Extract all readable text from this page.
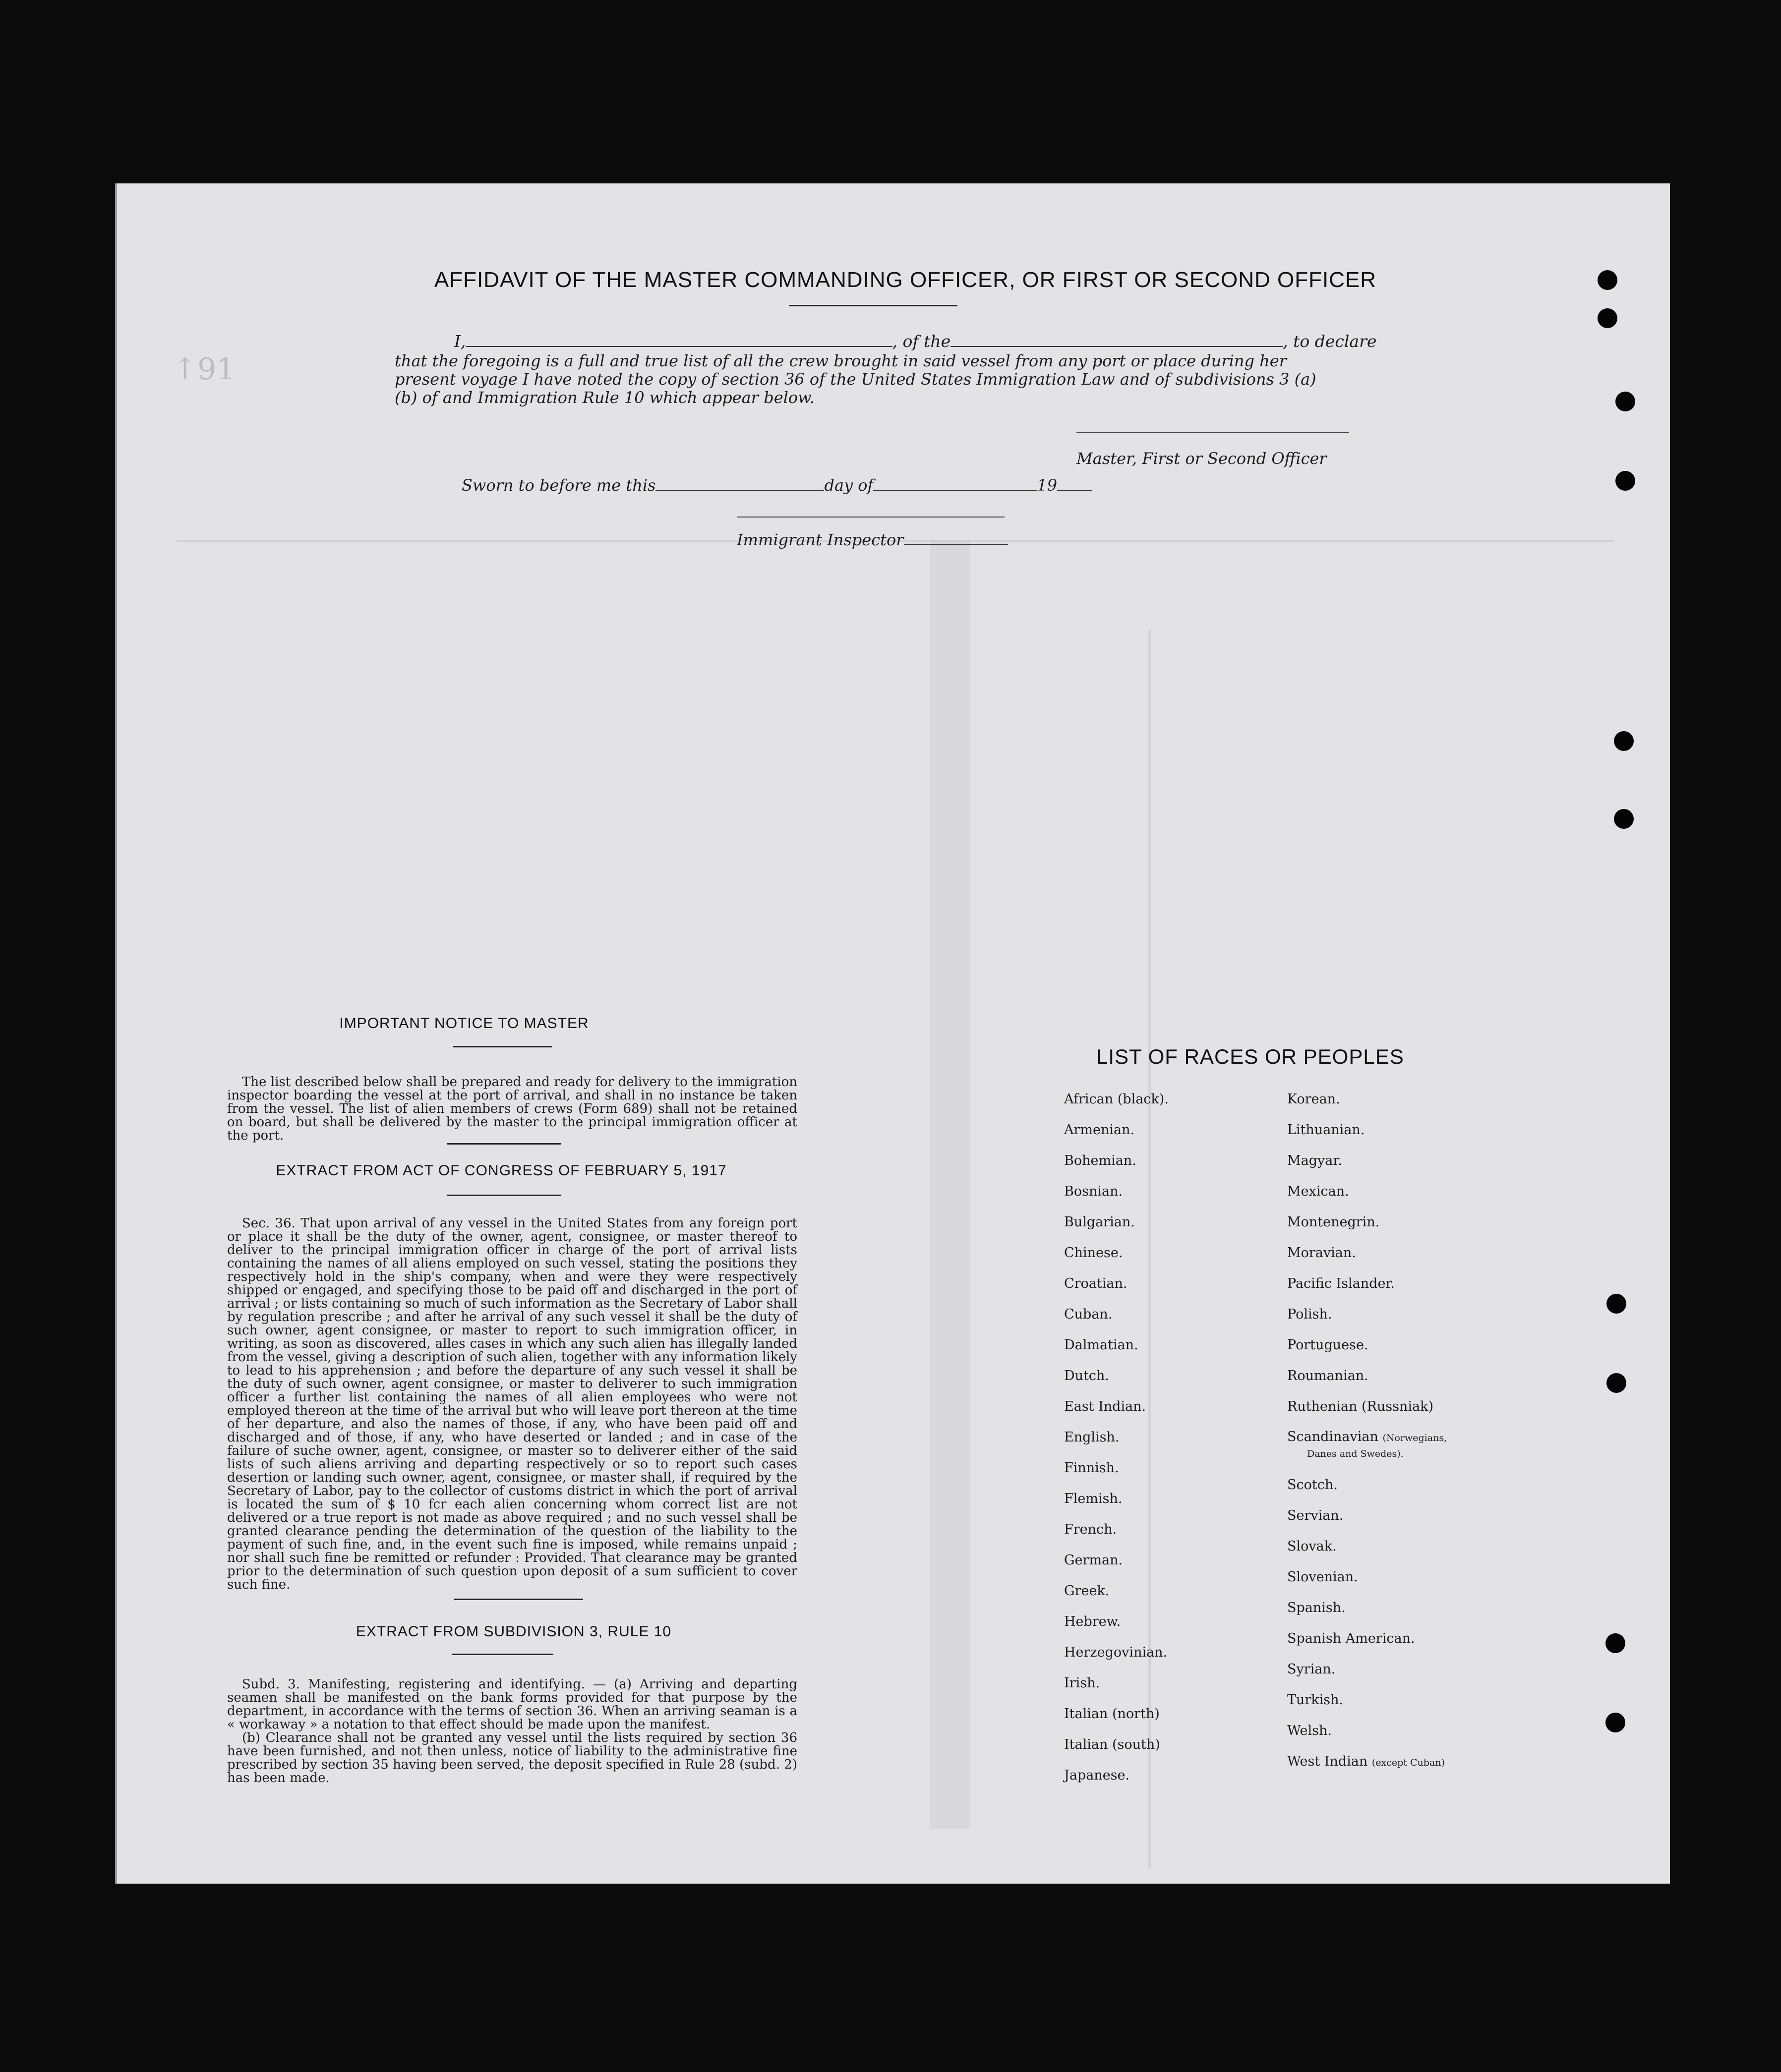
↑91
AFFIDAVIT OF THE MASTER COMMANDING OFFICER, OR FIRST OR SECOND OFFICER
I,	, of the	, to declare
that the foregoing is a full and true list of all the crew brought in said vessel from any port or place during her
present voyage I have noted the copy of section 36 of the United States Immigration Law and of subdivisions 3 (a)
(b) of and Immigration Rule 10 which appear below.
Master, First or Second Officer
Sworn to before me this	day of	19
Immigrant Inspector
IMPORTANT NOTICE TO MASTER

The list described below shall be prepared and ready for delivery to the immigration inspector boarding the vessel at the port of arrival, and shall in no instance be taken from the vessel. The list of alien members of crews (Form 689) shall not be retained on board, but shall be delivered by the master to the principal immigration officer at the port.

EXTRACT FROM ACT OF CONGRESS OF FEBRUARY 5, 1917

Sec. 36. That upon arrival of any vessel in the United States from any foreign port or place it shall be the duty of the owner, agent, consignee, or master thereof to deliver to the principal immigration officer in charge of the port of arrival lists containing the names of all aliens employed on such vessel, stating the positions they respectively hold in the ship's company, when and were they were respectively shipped or engaged, and specifying those to be paid off and discharged in the port of arrival ; or lists containing so much of such information as the Secretary of Labor shall by regulation prescribe ; and after he arrival of any such vessel it shall be the duty of such owner, agent consignee, or master to report to such immigration officer, in writing, as soon as discovered, alles cases in which any such alien has illegally landed from the vessel, giving a description of such alien, together with any information likely to lead to his apprehension ; and before the departure of any such vessel it shall be the duty of such owner, agent consignee, or master to deliverer to such immigration officer a further list containing the names of all alien employees who were not employed thereon at the time of the arrival but who will leave port thereon at the time of her departure, and also the names of those, if any, who have been paid off and discharged and of those, if any, who have deserted or landed ; and in case of the failure of suche owner, agent, consignee, or master so to deliverer either of the said lists of such aliens arriving and departing respectively or so to report such cases desertion or landing such owner, agent, consignee, or master shall, if required by the Secretary of Labor, pay to the collector of customs district in which the port of arrival is located the sum of $ 10 fcr each alien concerning whom correct list are not delivered or a true report is not made as above required ; and no such vessel shall be granted clearance pending the determination of the question of the liability to the payment of such fine, and, in the event such fine is imposed, while remains unpaid ; nor shall such fine be remitted or refunder : Provided. That clearance may be granted prior to the determination of such question upon deposit of a sum sufficient to cover such fine.

EXTRACT FROM SUBDIVISION 3, RULE 10

Subd. 3. Manifesting, registering and identifying. — (a) Arriving and departing seamen shall be manifested on the bank forms provided for that purpose by the department, in accordance with the terms of section 36. When an arriving seaman is a « workaway » a notation to that effect should be made upon the manifest.

(b) Clearance shall not be granted any vessel until the lists required by section 36 have been furnished, and not then unless, notice of liability to the administrative fine prescribed by section 35 having been served, the deposit specified in Rule 28 (subd. 2) has been made.

LIST OF RACES OR PEOPLES
African (black).
Armenian.
Bohemian.
Bosnian.
Bulgarian.
Chinese.
Croatian.
Cuban.
Dalmatian.
Dutch.
East Indian.
English.
Finnish.
Flemish.
French.
German.
Greek.
Hebrew.
Herzegovinian.
Irish.
Italian (north)
Italian (south)
Japanese.
Korean.
Lithuanian.
Magyar.
Mexican.
Montenegrin.
Moravian.
Pacific Islander.
Polish.
Portuguese.
Roumanian.
Ruthenian (Russniak)
Scandinavian (Norwegians,
Danes and Swedes).
Scotch.
Servian.
Slovak.
Slovenian.
Spanish.
Spanish American.
Syrian.
Turkish.
Welsh.
West Indian (except Cuban)
